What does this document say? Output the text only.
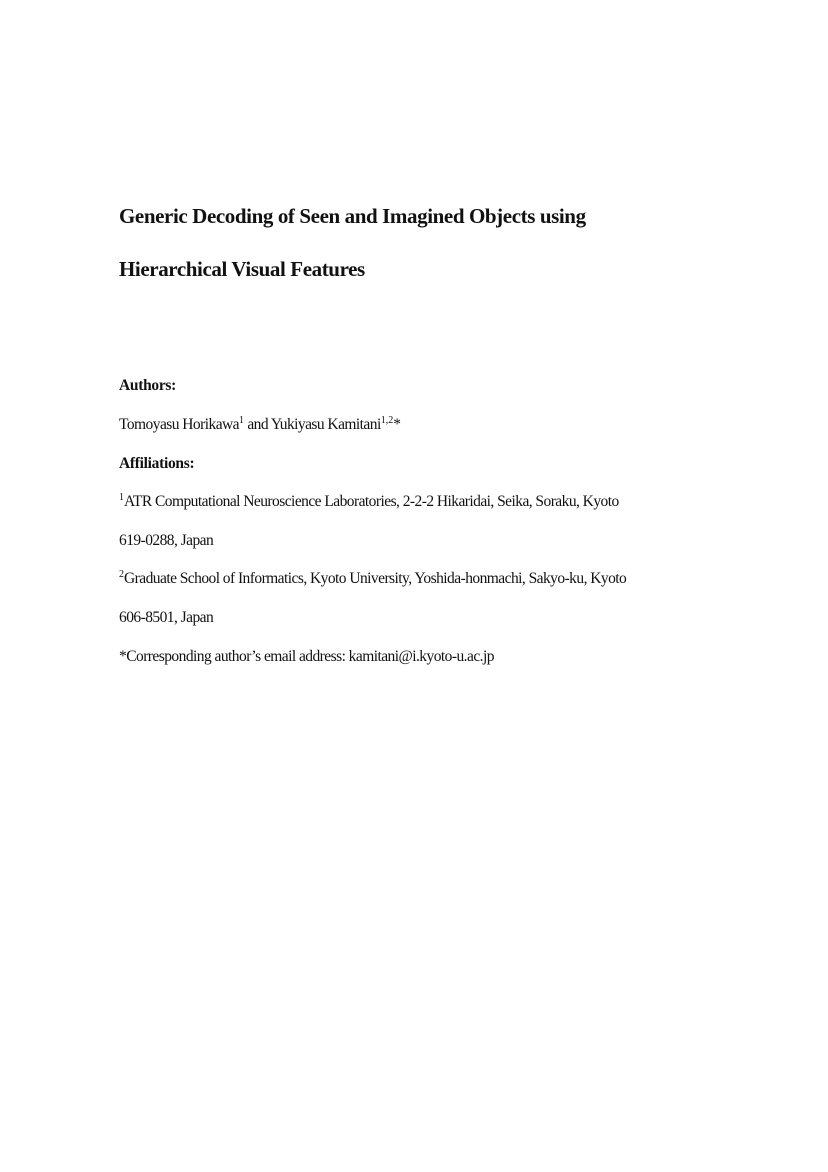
Generic Decoding of Seen and Imagined Objects using
Hierarchical Visual Features
Authors:
Tomoyasu Horikawa$^1$ and Yukiyasu Kamitani$^{1,2}$*
Affiliations:
$^1$ATR Computational Neuroscience Laboratories, 2-2-2 Hikaridai, Seika, Soraku, Kyoto
619-0288, Japan
$^2$Graduate School of Informatics, Kyoto University, Yoshida-honmachi, Sakyo-ku, Kyoto
606-8501, Japan
*Corresponding author’s email address: kamitani@i.kyoto-u.ac.jp
